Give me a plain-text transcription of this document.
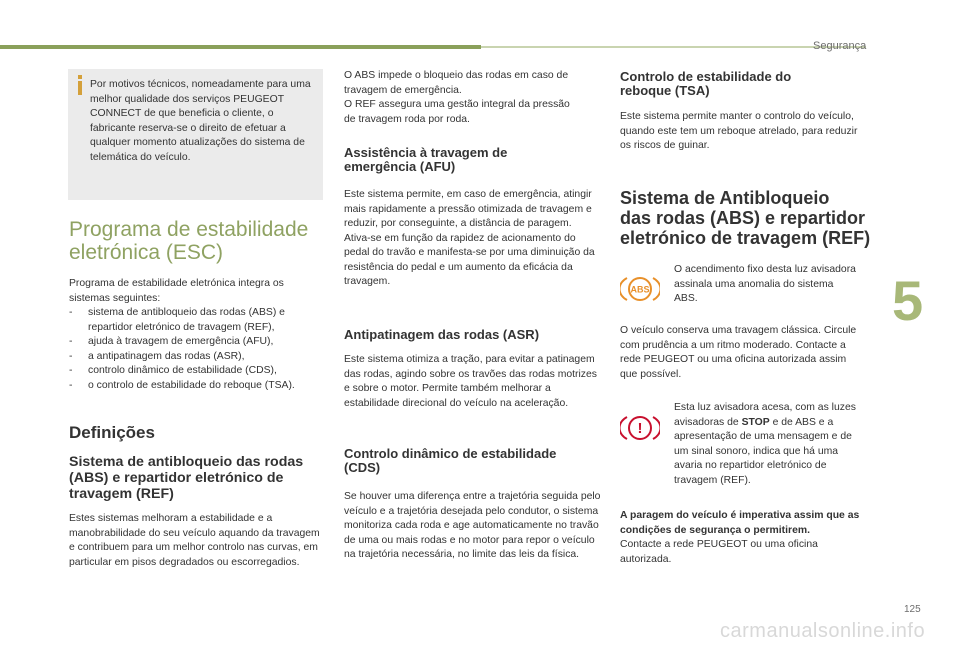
Segurança
5
Por motivos técnicos, nomeadamente para uma melhor qualidade dos serviços PEUGEOT CONNECT de que beneficia o cliente, o fabricante reserva-se o direito de efetuar a qualquer momento atualizações do sistema de telemática do veículo.

Programa de estabilidade

eletrónica (ESC)

Programa de estabilidade eletrónica integra os sistemas seguintes:

- sistema de antibloqueio das rodas (ABS) e
repartidor eletrónico de travagem (REF),
- ajuda à travagem de emergência (AFU),
- a antipatinagem das rodas (ASR),
- controlo dinâmico de estabilidade (CDS),
- o controlo de estabilidade do reboque (TSA).

Definições

Sistema de antibloqueio das rodas

(ABS) e repartidor eletrónico de

travagem (REF)

Estes sistemas melhoram a estabilidade e a manobrabilidade do seu veículo aquando da travagem e contribuem para um melhor controlo nas curvas, em particular em pisos degradados ou escorregadios.

O ABS impede o bloqueio das rodas em caso de

travagem de emergência.

O REF assegura uma gestão integral da pressão

de travagem roda por roda.

Assistência à travagem de

emergência (AFU)

Este sistema permite, em caso de emergência, atingir mais rapidamente a pressão otimizada de travagem e reduzir, por conseguinte, a distância de paragem.

Ativa-se em função da rapidez de acionamento do pedal do travão e manifesta-se por uma diminuição da resistência do pedal e um aumento da eficácia da travagem.

Antipatinagem das rodas (ASR)

Este sistema otimiza a tração, para evitar a patinagem das rodas, agindo sobre os travões das rodas motrizes e sobre o motor. Permite também melhorar a estabilidade direcional do veículo na aceleração.

Controlo dinâmico de estabilidade

(CDS)

Se houver uma diferença entre a trajetória seguida pelo veículo e a trajetória desejada pelo condutor, o sistema monitoriza cada roda e age automaticamente no travão de uma ou mais rodas e no motor para repor o veículo na trajetória necessária, no limite das leis da física.

Controlo de estabilidade do

reboque (TSA)

Este sistema permite manter o controlo do veículo, quando este tem um reboque atrelado, para reduzir os riscos de guinar.

Sistema de Antibloqueio

das rodas (ABS) e repartidor

eletrónico de travagem (REF)

ABS

O acendimento fixo desta luz avisadora assinala uma anomalia do sistema ABS.

O veículo conserva uma travagem clássica. Circule com prudência a um ritmo moderado. Contacte a rede PEUGEOT ou uma oficina autorizada assim que possível.

!

Esta luz avisadora acesa, com as luzes avisadoras de STOP e de ABS e a apresentação de uma mensagem e de um sinal sonoro, indica que há uma avaria no repartidor eletrónico de travagem (REF).

A paragem do veículo é imperativa assim que as condições de segurança o permitirem.

Contacte a rede PEUGEOT ou uma oficina autorizada.

125
carmanualsonline.info
